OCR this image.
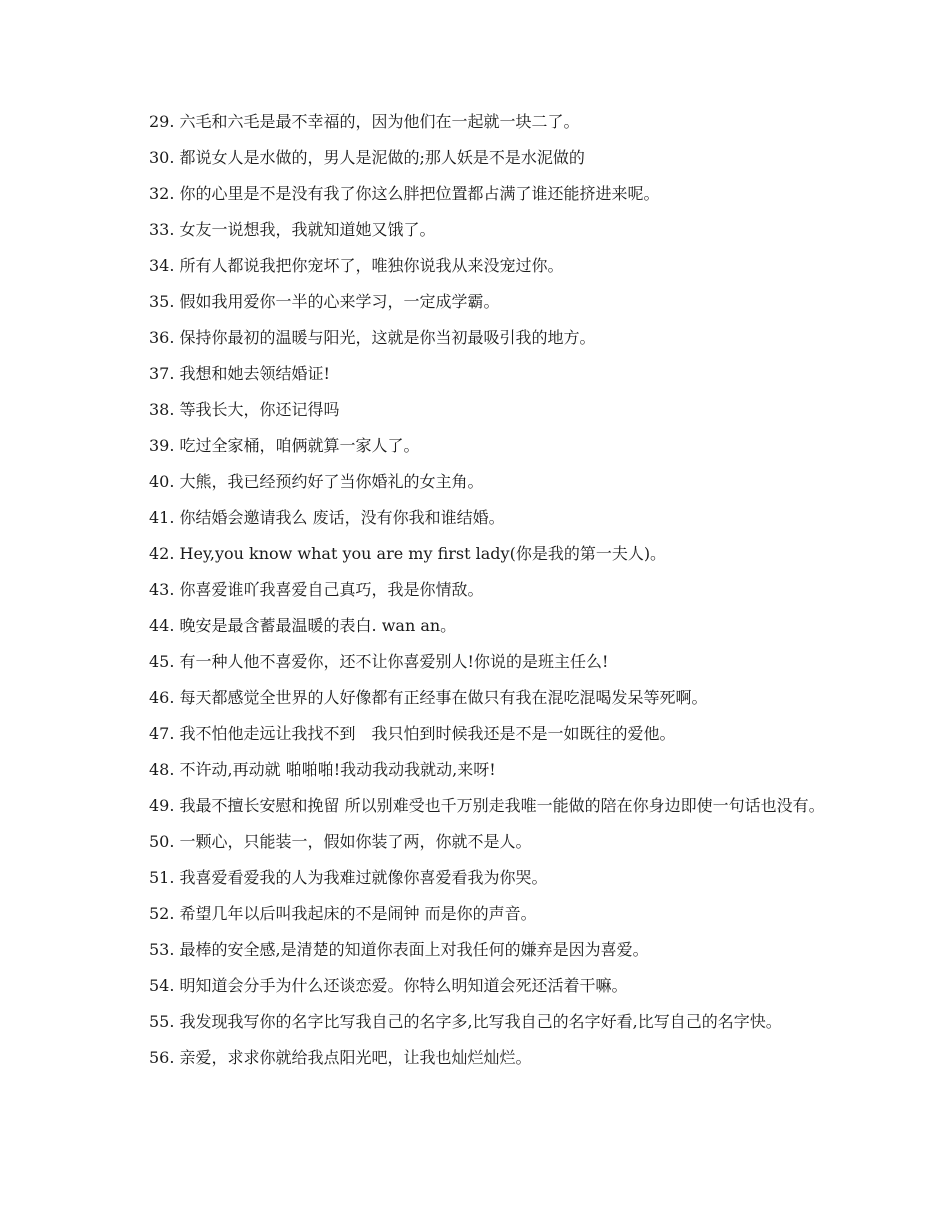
29. 六毛和六毛是最不幸福的，因为他们在一起就一块二了。

30. 都说女人是水做的，男人是泥做的;那人妖是不是水泥做的

32. 你的心里是不是没有我了你这么胖把位置都占满了谁还能挤进来呢。

33. 女友一说想我，我就知道她又饿了。

34. 所有人都说我把你宠坏了，唯独你说我从来没宠过你。

35. 假如我用爱你一半的心来学习，一定成学霸。

36. 保持你最初的温暖与阳光，这就是你当初最吸引我的地方。

37. 我想和她去领结婚证!

38. 等我长大，你还记得吗

39. 吃过全家桶，咱俩就算一家人了。

40. 大熊，我已经预约好了当你婚礼的女主角。

41. 你结婚会邀请我么 废话，没有你我和谁结婚。

42. Hey,you know what you are my first lady(你是我的第一夫人)。

43. 你喜爱谁吖我喜爱自己真巧，我是你情敌。

44. 晚安是最含蓄最温暖的表白. wan an。

45. 有一种人他不喜爱你，还不让你喜爱别人!你说的是班主任么!

46. 每天都感觉全世界的人好像都有正经事在做只有我在混吃混喝发呆等死啊。

47. 我不怕他走远让我找不到　我只怕到时候我还是不是一如既往的爱他。

48. 不许动,再动就 啪啪啪!我动我动我就动,来呀!

49. 我最不擅长安慰和挽留 所以别难受也千万别走我唯一能做的陪在你身边即使一句话也没有。

50. 一颗心，只能装一，假如你装了两，你就不是人。

51. 我喜爱看爱我的人为我难过就像你喜爱看我为你哭。

52. 希望几年以后叫我起床的不是闹钟 而是你的声音。

53. 最棒的安全感,是清楚的知道你表面上对我任何的嫌弃是因为喜爱。

54. 明知道会分手为什么还谈恋爱。你特么明知道会死还活着干嘛。

55. 我发现我写你的名字比写我自己的名字多,比写我自己的名字好看,比写自己的名字快。

56. 亲爱，求求你就给我点阳光吧，让我也灿烂灿烂。
